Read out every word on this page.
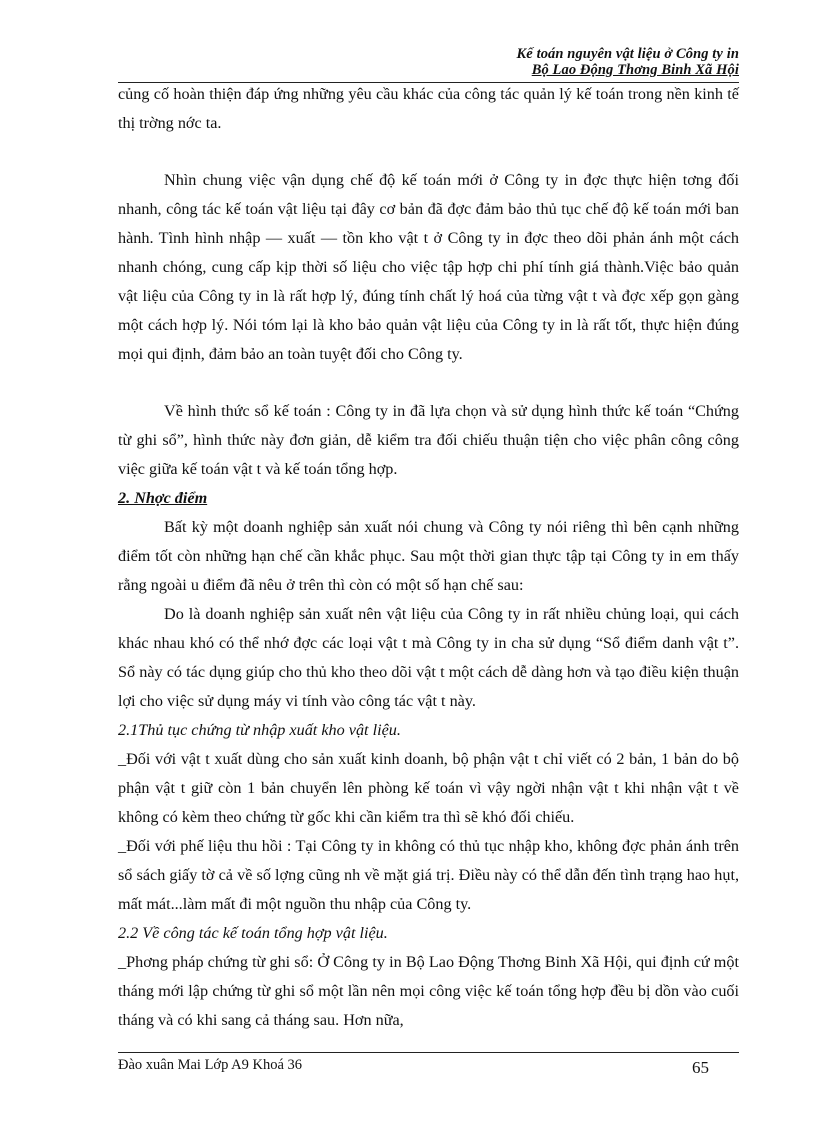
Kế toán nguyên vật liệu ở Công ty in
Bộ Lao Động Thơng Binh Xã Hội

củng cố hoàn thiện đáp ứng những yêu cầu khác của công tác quản lý kế toán trong nền kinh tế thị trờng nớc ta.

Nhìn chung việc vận dụng chế độ kế toán mới ở Công ty in đợc thực hiện tơng đối nhanh, công tác kế toán vật liệu tại đây cơ bản đã đợc đảm bảo thủ tục chế độ kế toán mới ban hành. Tình hình nhập — xuất — tồn kho vật t ở Công ty in đợc theo dõi phản ánh một cách nhanh chóng, cung cấp kịp thời số liệu cho việc tập hợp chi phí tính giá thành.Việc bảo quản vật liệu của Công ty in là rất hợp lý, đúng tính chất lý hoá của từng vật t và đợc xếp gọn gàng một cách hợp lý. Nói tóm lại là kho bảo quản vật liệu của Công ty in là rất tốt, thực hiện đúng mọi qui định, đảm bảo an toàn tuyệt đối cho Công ty.

Về hình thức sổ kế toán : Công ty in đã lựa chọn và sử dụng hình thức kế toán “Chứng từ ghi sổ”, hình thức này đơn giản, dễ kiểm tra đối chiếu thuận tiện cho việc phân công công việc giữa kế toán vật t và kế toán tổng hợp.

2. Nhợc điểm

Bất kỳ một doanh nghiệp sản xuất nói chung và Công ty nói riêng thì bên cạnh những điểm tốt còn những hạn chế cần khắc phục. Sau một thời gian thực tập tại Công ty in em thấy rằng ngoài u điểm đã nêu ở trên thì còn có một số hạn chế sau:

Do là doanh nghiệp sản xuất nên vật liệu của Công ty in rất nhiều chủng loại, qui cách khác nhau khó có thể nhớ đợc các loại vật t mà Công ty in cha sử dụng “Sổ điểm danh vật t”. Sổ này có tác dụng giúp cho thủ kho theo dõi vật t một cách dễ dàng hơn và tạo điều kiện thuận lợi cho việc sử dụng máy vi tính vào công tác vật t này.

2.1Thủ tục chứng từ nhập xuất kho vật liệu.

_Đối với vật t xuất dùng cho sản xuất kinh doanh, bộ phận vật t chỉ viết có 2 bản, 1 bản do bộ phận vật t giữ còn 1 bản chuyển lên phòng kế toán vì vậy ngời nhận vật t khi nhận vật t về không có kèm theo chứng từ gốc khi cần kiểm tra thì sẽ khó đối chiếu.

_Đối với phế liệu thu hồi : Tại Công ty in không có thủ tục nhập kho, không đợc phản ánh trên sổ sách giấy tờ cả về số lợng cũng nh về mặt giá trị. Điều này có thể dẫn đến tình trạng hao hụt, mất mát...làm mất đi một nguồn thu nhập của Công ty.

2.2 Về công tác kế toán tổng hợp vật liệu.

_Phơng pháp chứng từ ghi sổ: Ở Công ty in Bộ Lao Động Thơng Binh Xã Hội, qui định cứ một tháng mới lập chứng từ ghi sổ một lần nên mọi công việc kế toán tổng hợp đều bị dồn vào cuối tháng và có khi sang cả tháng sau. Hơn nữa,

Đào xuân Mai Lớp A9 Khoá 36	65
